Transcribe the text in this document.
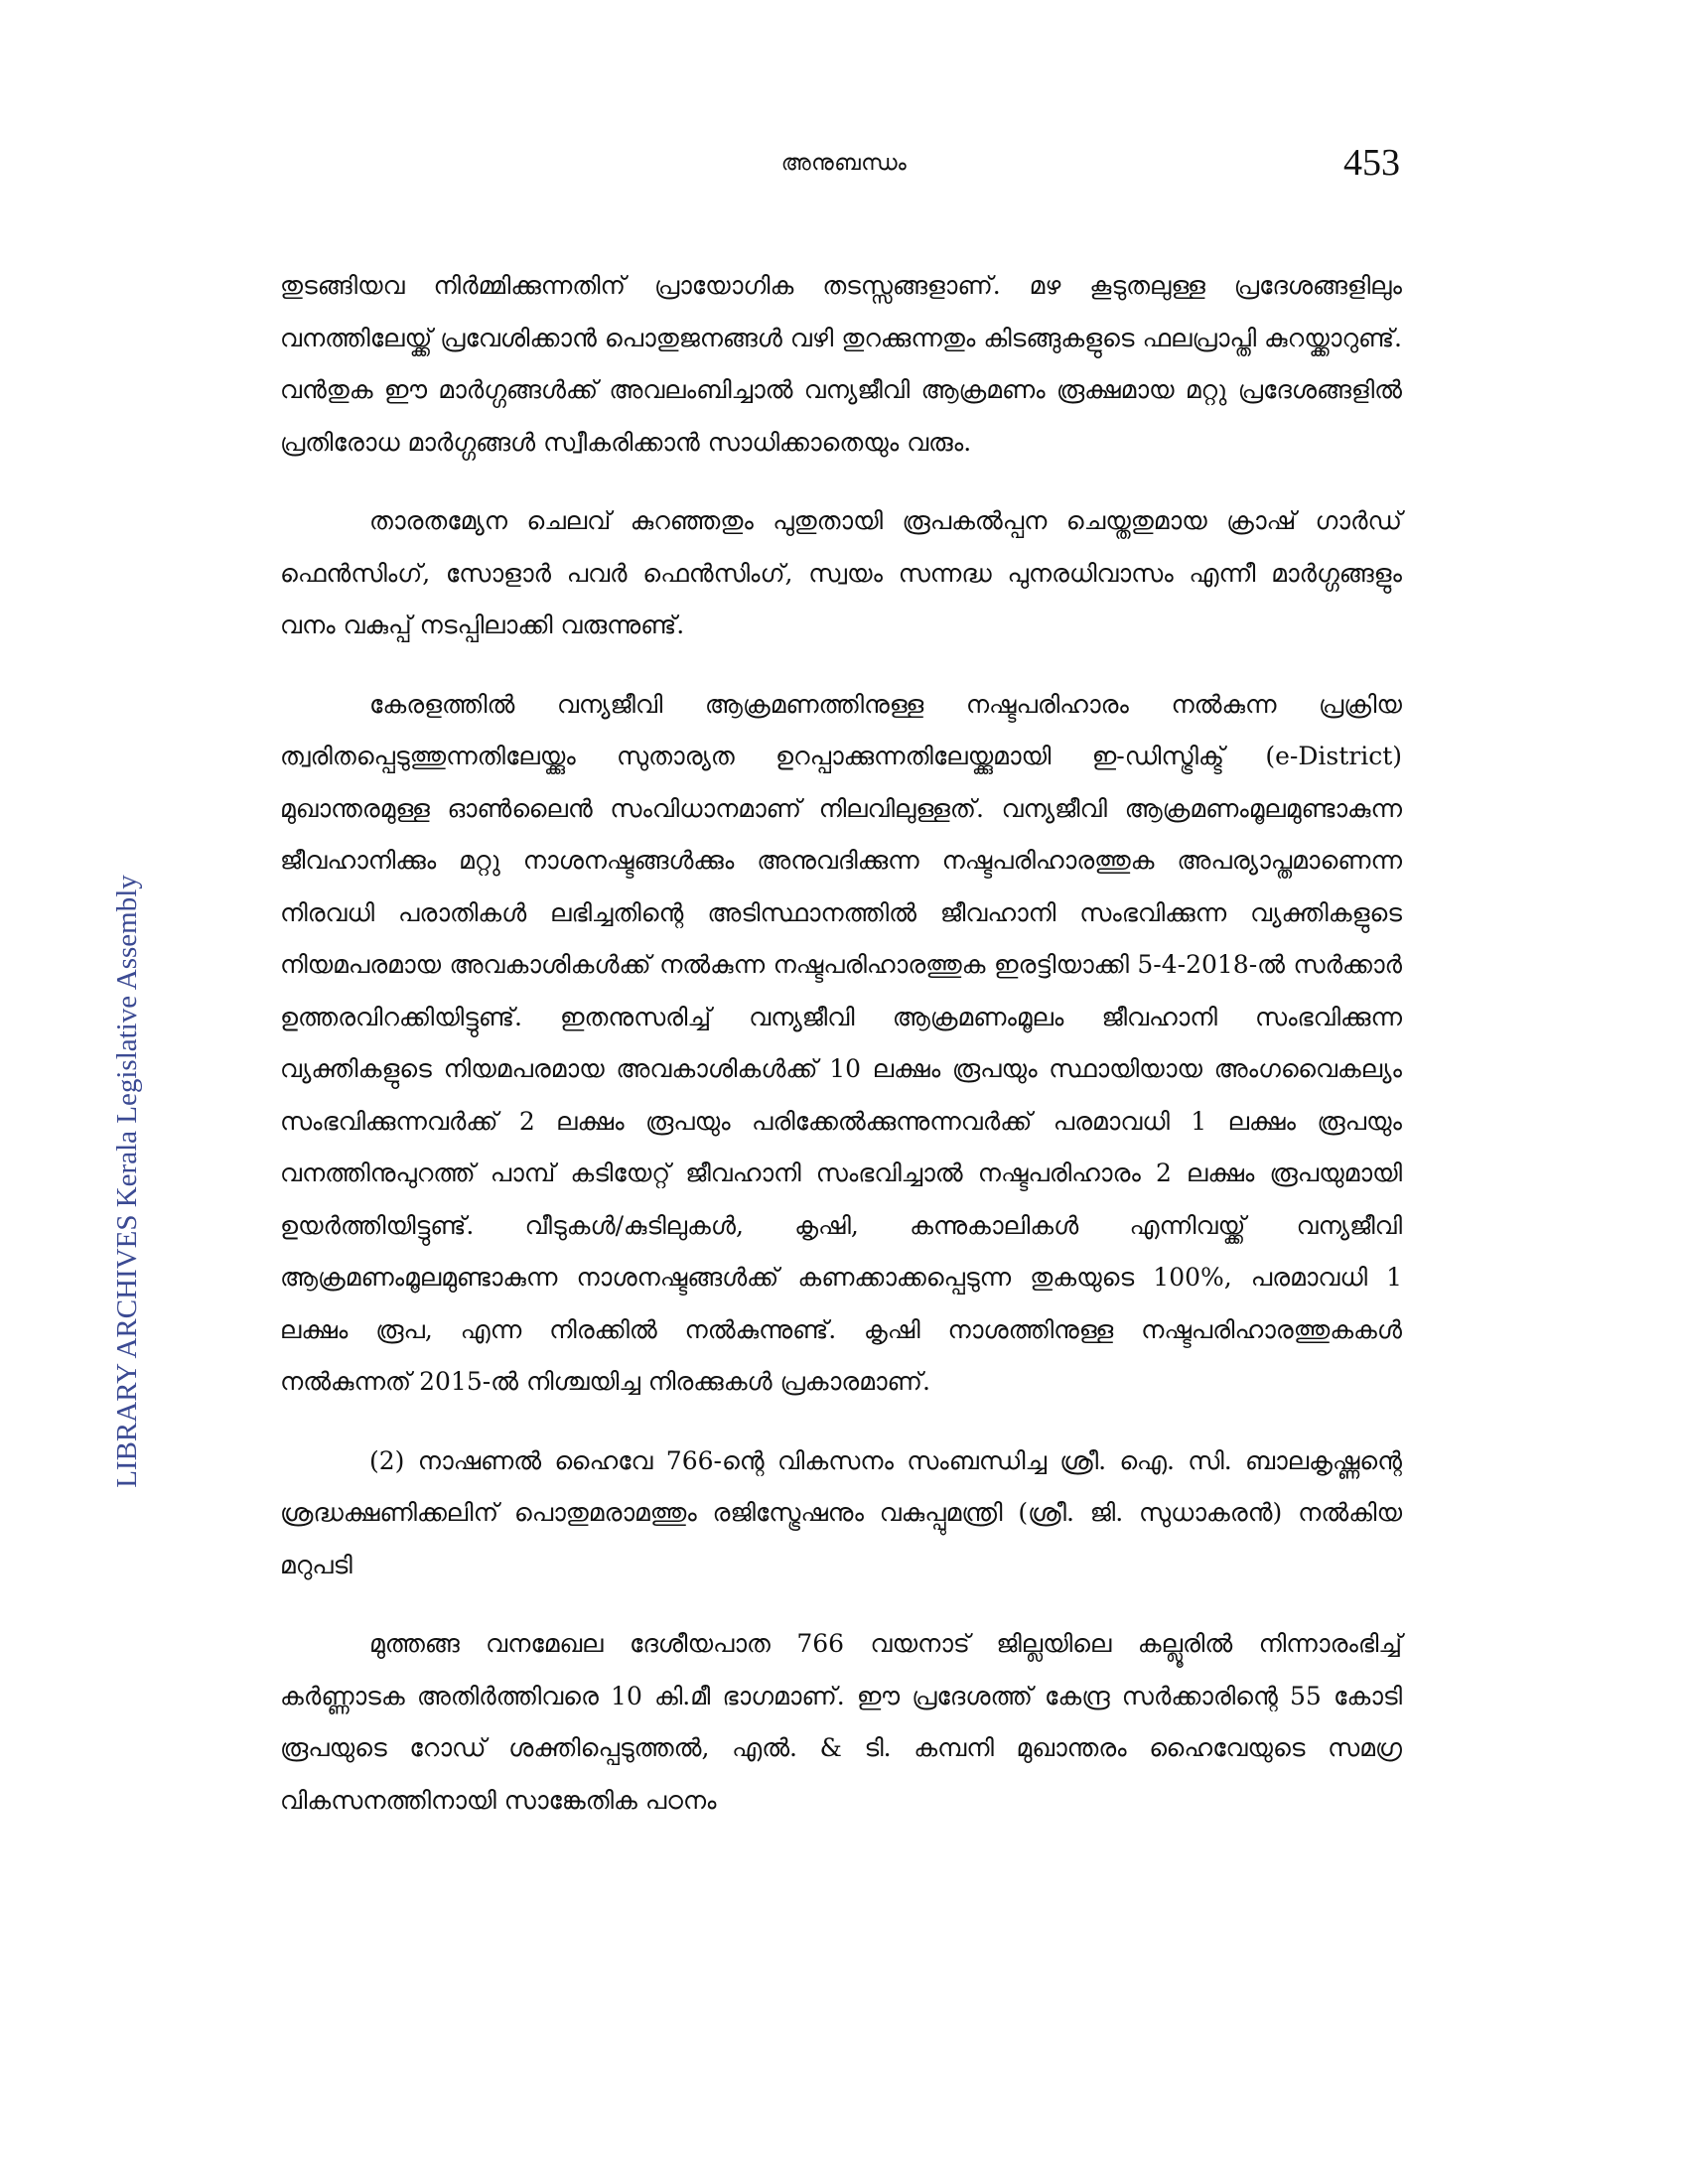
അനുബന്ധം	453
LIBRARY ARCHIVES Kerala Legislative Assembly

തുടങ്ങിയവ നിർമ്മിക്കുന്നതിന് പ്രായോഗിക തടസ്സങ്ങളാണ്. മഴ കൂടുതലുള്ള പ്രദേശങ്ങളിലും വനത്തിലേയ്ക്ക് പ്രവേശിക്കാൻ പൊതുജനങ്ങൾ വഴി തുറക്കുന്നതും കിടങ്ങുകളുടെ ഫലപ്രാപ്തി കുറയ്ക്കാറുണ്ട്. വൻതുക ഈ മാർഗ്ഗങ്ങൾക്ക് അവലംബിച്ചാൽ വന്യജീവി ആക്രമണം രൂക്ഷമായ മറ്റു പ്രദേശങ്ങളിൽ പ്രതിരോധ മാർഗ്ഗങ്ങൾ സ്വീകരിക്കാൻ സാധിക്കാതെയും വരും.

താരതമ്യേന ചെലവ് കുറഞ്ഞതും പുതുതായി രൂപകൽപ്പന ചെയ്തതുമായ ക്രാഷ് ഗാർഡ് ഫെൻസിംഗ്, സോളാർ പവർ ഫെൻസിംഗ്, സ്വയം സന്നദ്ധ പുനരധിവാസം എന്നീ മാർഗ്ഗങ്ങളും വനം വകുപ്പ് നടപ്പിലാക്കി വരുന്നുണ്ട്.

കേരളത്തിൽ വന്യജീവി ആക്രമണത്തിനുള്ള നഷ്ടപരിഹാരം നൽകുന്ന പ്രക്രിയ ത്വരിതപ്പെടുത്തുന്നതിലേയ്ക്കും സുതാര്യത ഉറപ്പാക്കുന്നതിലേയ്ക്കുമായി ഇ-ഡിസ്ട്രിക്ട് (e-District) മുഖാന്തരമുള്ള ഓൺലൈൻ സംവിധാനമാണ് നിലവിലുള്ളത്. വന്യജീവി ആക്രമണംമൂലമുണ്ടാകുന്ന ജീവഹാനിക്കും മറ്റു നാശനഷ്ടങ്ങൾക്കും അനുവദിക്കുന്ന നഷ്ടപരിഹാരത്തുക അപര്യാപ്തമാണെന്ന നിരവധി പരാതികൾ ലഭിച്ചതിന്റെ അടിസ്ഥാനത്തിൽ ജീവഹാനി സംഭവിക്കുന്ന വ്യക്തികളുടെ നിയമപരമായ അവകാശികൾക്ക് നൽകുന്ന നഷ്ടപരിഹാരത്തുക ഇരട്ടിയാക്കി 5-4-2018-ൽ സർക്കാർ ഉത്തരവിറക്കിയിട്ടുണ്ട്. ഇതനുസരിച്ച് വന്യജീവി ആക്രമണംമൂലം ജീവഹാനി സംഭവിക്കുന്ന വ്യക്തികളുടെ നിയമപരമായ അവകാശികൾക്ക് 10 ലക്ഷം രൂപയും സ്ഥായിയായ അംഗവൈകല്യം സംഭവിക്കുന്നവർക്ക് 2 ലക്ഷം രൂപയും പരിക്കേൽക്കുന്നുന്നവർക്ക് പരമാവധി 1 ലക്ഷം രൂപയും വനത്തിനുപുറത്ത് പാമ്പ് കടിയേറ്റ് ജീവഹാനി സംഭവിച്ചാൽ നഷ്ടപരിഹാരം 2 ലക്ഷം രൂപയുമായി ഉയർത്തിയിട്ടുണ്ട്. വീടുകൾ/കുടിലുകൾ, കൃഷി, കന്നുകാലികൾ എന്നിവയ്ക്ക് വന്യജീവി ആക്രമണംമൂലമുണ്ടാകുന്ന നാശനഷ്ടങ്ങൾക്ക് കണക്കാക്കപ്പെടുന്ന തുകയുടെ 100%, പരമാവധി 1 ലക്ഷം രൂപ, എന്ന നിരക്കിൽ നൽകുന്നുണ്ട്. കൃഷി നാശത്തിനുള്ള നഷ്ടപരിഹാരത്തുകകൾ നൽകുന്നത് 2015-ൽ നിശ്ചയിച്ച നിരക്കുകൾ പ്രകാരമാണ്.

(2) നാഷണൽ ഹൈവേ 766-ന്റെ വികസനം സംബന്ധിച്ച ശ്രീ. ഐ. സി. ബാലകൃഷ്ണന്റെ ശ്രദ്ധക്ഷണിക്കലിന് പൊതുമരാമത്തും രജിസ്ട്രേഷനും വകുപ്പുമന്ത്രി (ശ്രീ. ജി. സുധാകരൻ) നൽകിയ മറുപടി

മുത്തങ്ങ വനമേഖല ദേശീയപാത 766 വയനാട് ജില്ലയിലെ കല്ലൂരിൽ നിന്നാരംഭിച്ച് കർണ്ണാടക അതിർത്തിവരെ 10 കി.മീ ഭാഗമാണ്. ഈ പ്രദേശത്ത് കേന്ദ്ര സർക്കാരിന്റെ 55 കോടി രൂപയുടെ റോഡ് ശക്തിപ്പെടുത്തൽ, എൽ. & ടി. കമ്പനി മുഖാന്തരം ഹൈവേയുടെ സമഗ്ര വികസനത്തിനായി സാങ്കേതിക പഠനം
